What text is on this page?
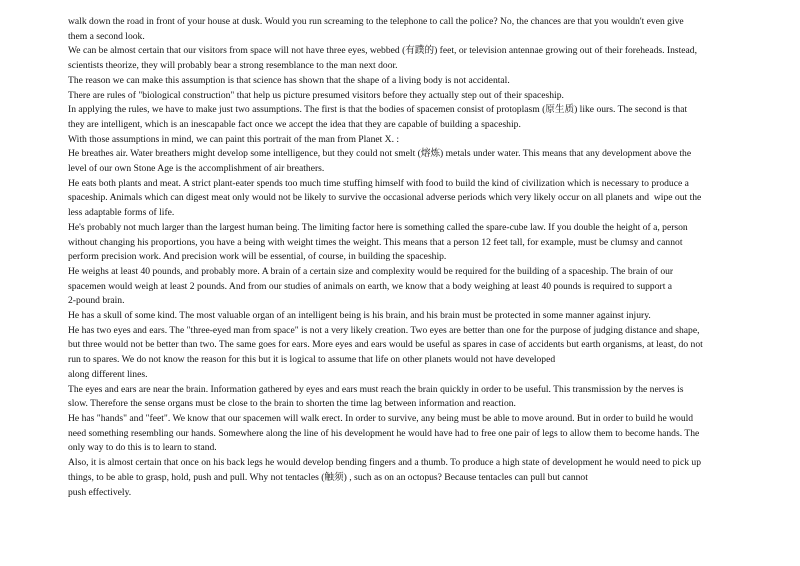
walk down the road in front of your house at dusk. Would you run screaming to the telephone to call the police? No, the chances are that you wouldn't even give

them a second look.

We can be almost certain that our visitors from space will not have three eyes, webbed (有蹼的) feet, or television antennae growing out of their foreheads. Instead,

scientists theorize, they will probably bear a strong resemblance to the man next door.

The reason we can make this assumption is that science has shown that the shape of a living body is not accidental.

There are rules of "biological construction" that help us picture presumed visitors before they actually step out of their spaceship.

In applying the rules, we have to make just two assumptions. The first is that the bodies of spacemen consist of protoplasm (原生质) like ours. The second is that

they are intelligent, which is an inescapable fact once we accept the idea that they are capable of building a spaceship.

With those assumptions in mind, we can paint this portrait of the man from Planet X. :

He breathes air. Water breathers might develop some intelligence, but they could not smelt (熔炼) metals under water. This means that any development above the

level of our own Stone Age is the accomplishment of air breathers.

He eats both plants and meat. A strict plant-eater spends too much time stuffing himself with food to build the kind of civilization which is necessary to produce a

spaceship. Animals which can digest meat only would not be likely to survive the occasional adverse periods which very likely occur on all planets and  wipe out the

less adaptable forms of life.

He's probably not much larger than the largest human being. The limiting factor here is something called the spare-cube law. If you double the height of a, person

without changing his proportions, you have a being with weight times the weight. This means that a person 12 feet tall, for example, must be clumsy and cannot

perform precision work. And precision work will be essential, of course, in building the spaceship.

He weighs at least 40 pounds, and probably more. A brain of a certain size and complexity would be required for the building of a spaceship. The brain of our

spacemen would weigh at least 2 pounds. And from our studies of animals on earth, we know that a body weighing at least 40 pounds is required to support a

2-pound brain.

He has a skull of some kind. The most valuable organ of an intelligent being is his brain, and his brain must be protected in some manner against injury.

He has two eyes and ears. The "three-eyed man from space" is not a very likely creation. Two eyes are better than one for the purpose of judging distance and shape,

but three would not be better than two. The same goes for ears. More eyes and ears would be useful as spares in case of accidents but earth organisms, at least, do not

run to spares. We do not know the reason for this but it is logical to assume that life on other planets would not have developed

along different lines.

The eyes and ears are near the brain. Information gathered by eyes and ears must reach the brain quickly in order to be useful. This transmission by the nerves is

slow. Therefore the sense organs must be close to the brain to shorten the time lag between information and reaction.

He has "hands" and "feet". We know that our spacemen will walk erect. In order to survive, any being must be able to move around. But in order to build he would

need something resembling our hands. Somewhere along the line of his development he would have had to free one pair of legs to allow them to become hands. The

only way to do this is to learn to stand.

Also, it is almost certain that once on his back legs he would develop bending fingers and a thumb. To produce a high state of development he would need to pick up

things, to be able to grasp, hold, push and pull. Why not tentacles (触须) , such as on an octopus? Because tentacles can pull but cannot

push effectively.
